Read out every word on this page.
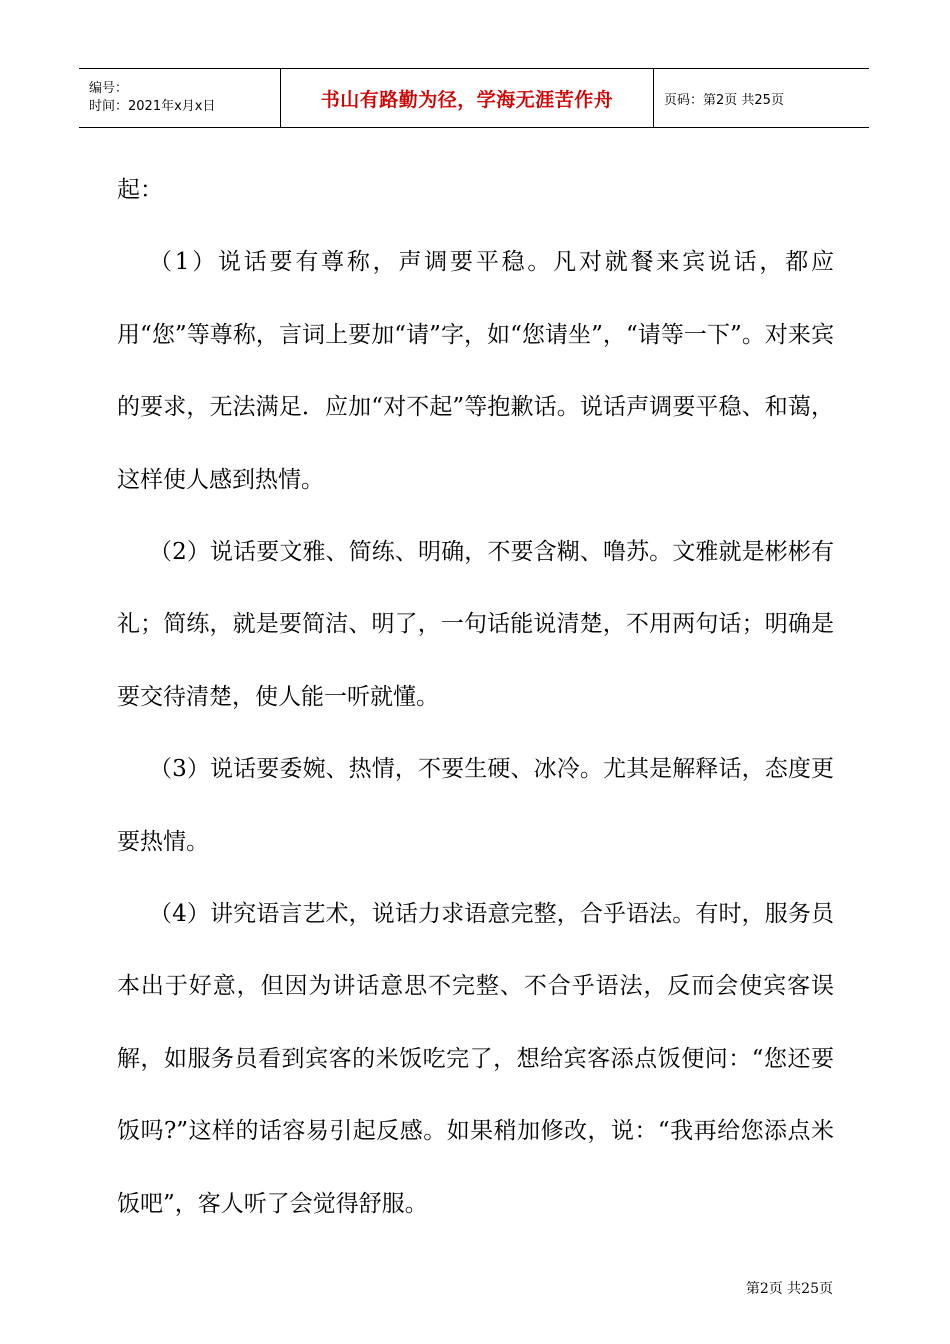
编号：
时间：2021年x月x日	书山有路勤为径，学海无涯苦作舟	页码：第2页 共25页

起：

（1）说话要有尊称，声调要平稳。凡对就餐来宾说话，都应用“您”等尊称，言词上要加“请”字，如“您请坐”，“请等一下”。对来宾的要求，无法满足．应加“对不起”等抱歉话。说话声调要平稳、和蔼，这样使人感到热情。

（2）说话要文雅、简练、明确，不要含糊、噜苏。文雅就是彬彬有礼；简练，就是要简洁、明了，一句话能说清楚，不用两句话；明确是要交待清楚，使人能一听就懂。

（3）说话要委婉、热情，不要生硬、冰冷。尤其是解释话，态度更要热情。

（4）讲究语言艺术，说话力求语意完整，合乎语法。有时，服务员本出于好意，但因为讲话意思不完整、不合乎语法，反而会使宾客误解，如服务员看到宾客的米饭吃完了，想给宾客添点饭便问：“您还要饭吗?”这样的话容易引起反感。如果稍加修改，说：“我再给您添点米饭吧”，客人听了会觉得舒服。

第2页 共25页
